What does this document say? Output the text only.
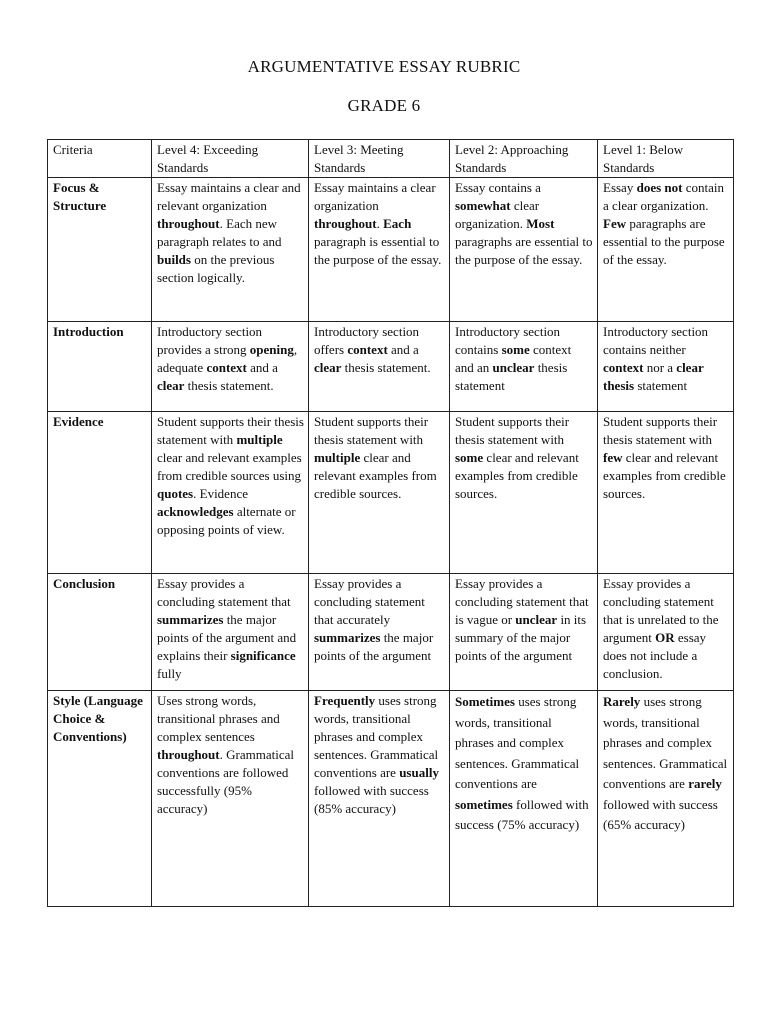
ARGUMENTATIVE ESSAY RUBRIC
GRADE 6
Criteria	Level 4: Exceeding Standards	Level 3: Meeting Standards	Level 2: Approaching Standards	Level 1: Below Standards
Focus & Structure	Essay maintains a clear and relevant organization throughout. Each new paragraph relates to and builds on the previous section logically.	Essay maintains a clear organization throughout. Each paragraph is essential to the purpose of the essay.	Essay contains a somewhat clear organization. Most paragraphs are essential to the purpose of the essay.	Essay does not contain a clear organization. Few paragraphs are essential to the purpose of the essay.

Introduction	Introductory section provides a strong opening, adequate context and a clear thesis statement.	Introductory section offers context and a clear thesis statement.	Introductory section contains some context and an unclear thesis statement	Introductory section contains neither context nor a clear thesis statement

Evidence	Student supports their thesis statement with multiple clear and relevant examples from credible sources using quotes. Evidence acknowledges alternate or opposing points of view.	Student supports their thesis statement with multiple clear and relevant examples from credible sources.	Student supports their thesis statement with some clear and relevant examples from credible sources.	Student supports their thesis statement with few clear and relevant examples from credible sources.

Conclusion	Essay provides a concluding statement that summarizes the major points of the argument and explains their significance fully	Essay provides a concluding statement that accurately summarizes the major points of the argument	Essay provides a concluding statement that is vague or unclear in its summary of the major points of the argument	Essay provides a concluding statement that is unrelated to the argument OR essay does not include a conclusion.

Style (Language Choice & Conventions)	Uses strong words, transitional phrases and complex sentences throughout. Grammatical conventions are followed successfully (95% accuracy)	Frequently uses strong words, transitional phrases and complex sentences. Grammatical conventions are usually followed with success (85% accuracy)	Sometimes uses strong words, transitional phrases and complex sentences. Grammatical conventions are sometimes followed with success (75% accuracy)	Rarely uses strong words, transitional phrases and complex sentences. Grammatical conventions are rarely followed with success (65% accuracy)
